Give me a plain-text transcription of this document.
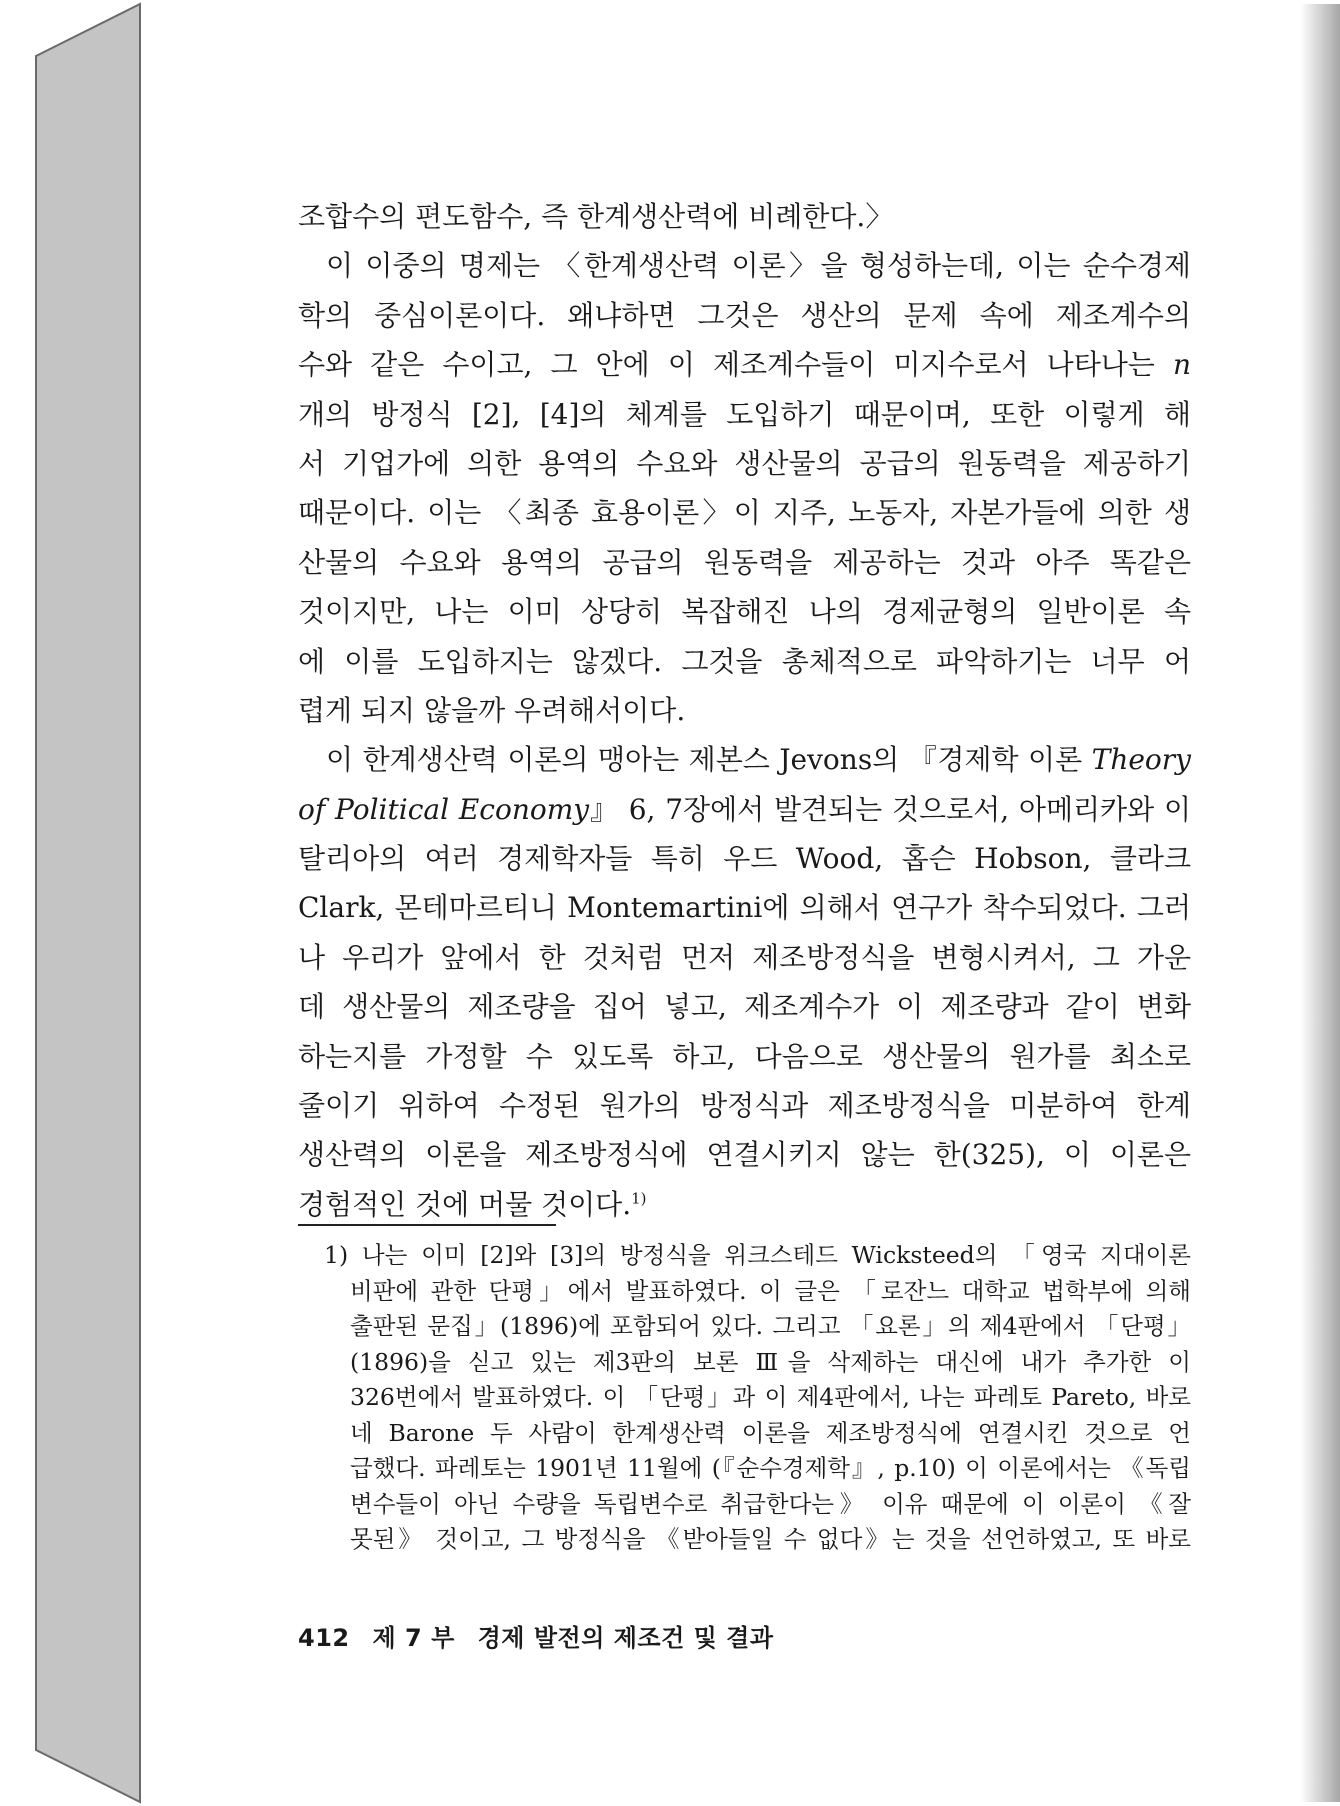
조합수의 편도함수, 즉 한계생산력에 비례한다.〉
이 이중의 명제는 〈한계생산력 이론〉을 형성하는데, 이는 순수경제
학의 중심이론이다. 왜냐하면 그것은 생산의 문제 속에 제조계수의
수와 같은 수이고, 그 안에 이 제조계수들이 미지수로서 나타나는 n
개의 방정식 [2], [4]의 체계를 도입하기 때문이며, 또한 이렇게 해
서 기업가에 의한 용역의 수요와 생산물의 공급의 원동력을 제공하기
때문이다. 이는 〈최종 효용이론〉이 지주, 노동자, 자본가들에 의한 생
산물의 수요와 용역의 공급의 원동력을 제공하는 것과 아주 똑같은
것이지만, 나는 이미 상당히 복잡해진 나의 경제균형의 일반이론 속
에 이를 도입하지는 않겠다. 그것을 총체적으로 파악하기는 너무 어
렵게 되지 않을까 우려해서이다.
이 한계생산력 이론의 맹아는 제본스 Jevons의 『경제학 이론 Theory
of Political Economy』 6, 7장에서 발견되는 것으로서, 아메리카와 이
탈리아의 여러 경제학자들 특히 우드 Wood, 홉슨 Hobson, 클라크
Clark, 몬테마르티니 Montemartini에 의해서 연구가 착수되었다. 그러
나 우리가 앞에서 한 것처럼 먼저 제조방정식을 변형시켜서, 그 가운
데 생산물의 제조량을 집어 넣고, 제조계수가 이 제조량과 같이 변화
하는지를 가정할 수 있도록 하고, 다음으로 생산물의 원가를 최소로
줄이기 위하여 수정된 원가의 방정식과 제조방정식을 미분하여 한계
생산력의 이론을 제조방정식에 연결시키지 않는 한(325), 이 이론은
경험적인 것에 머물 것이다.$^{1)}$
1) 나는 이미 [2]와 [3]의 방정식을 위크스테드 Wicksteed의 「영국 지대이론
비판에 관한 단평」에서 발표하였다. 이 글은 「로잔느 대학교 법학부에 의해
출판된 문집」(1896)에 포함되어 있다. 그리고 「요론」의 제4판에서 「단평」
(1896)을 싣고 있는 제3판의 보론 Ⅲ을 삭제하는 대신에 내가 추가한 이
326번에서 발표하였다. 이 「단평」과 이 제4판에서, 나는 파레토 Pareto, 바로
네 Barone 두 사람이 한계생산력 이론을 제조방정식에 연결시킨 것으로 언
급했다. 파레토는 1901년 11월에 (『순수경제학』, p.10) 이 이론에서는 《독립
변수들이 아닌 수량을 독립변수로 취급한다는》 이유 때문에 이 이론이 《잘
못된》 것이고, 그 방정식을 《받아들일 수 없다》는 것을 선언하였고, 또 바로
412 제 7 부 경제 발전의 제조건 및 결과
